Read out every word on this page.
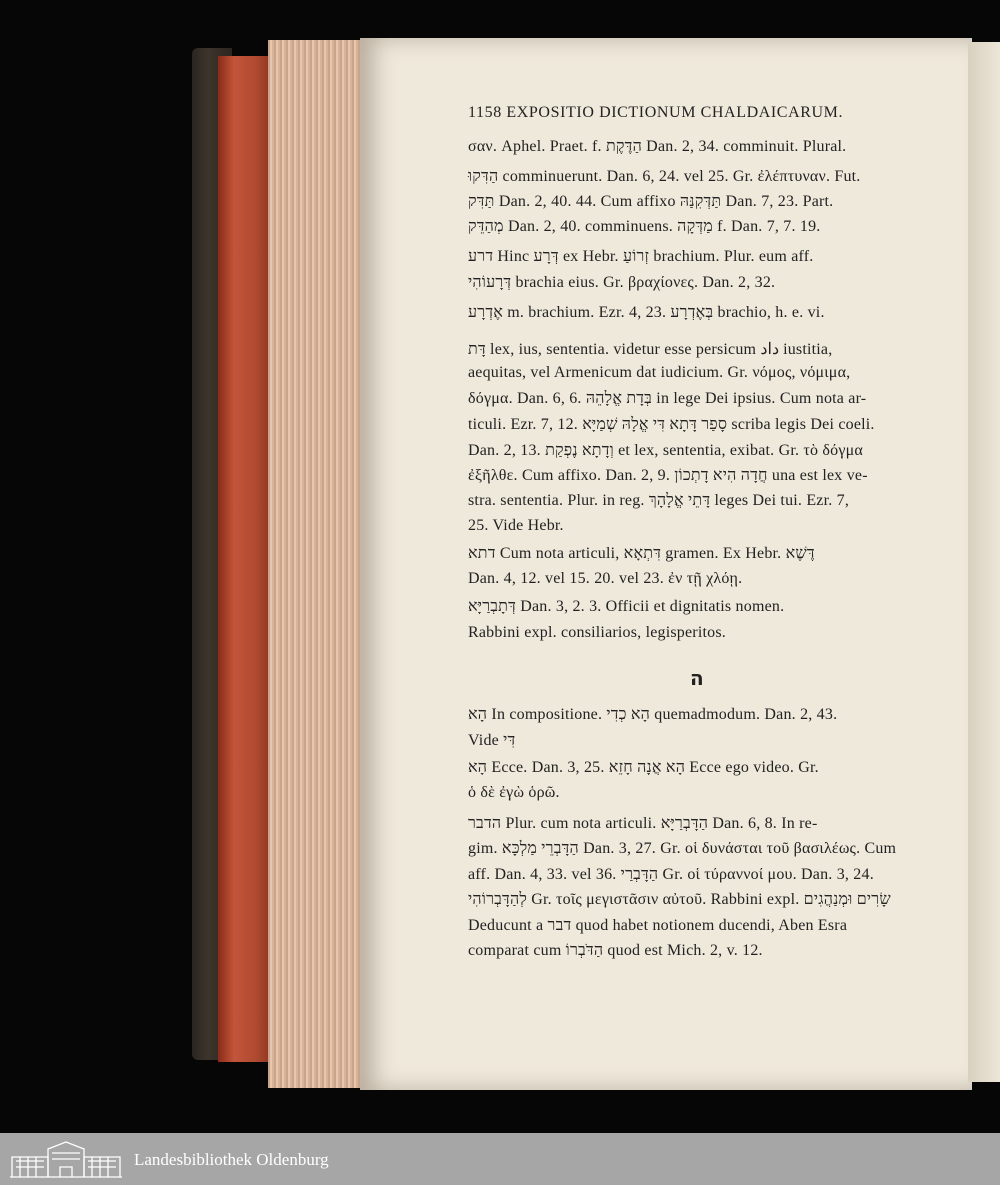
1158 EXPOSITIO DICTIONUM CHALDAICARUM.
σαν. Aphel. Praet. f. הַדֶּקֶת Dan. 2, 34. comminuit. Plural.
הַדִּקוּ comminuerunt. Dan. 6, 24. vel 25. Gr. ἐλέπτυναν. Fut.
תַּדִּק Dan. 2, 40. 44. Cum affixo תַּדְּקִנַּהּ Dan. 7, 23. Part.
מְהַדֵּק Dan. 2, 40. comminuens. מַדְּקָה f. Dan. 7, 7. 19.
דרע Hinc דְּרָע ex Hebr. זְרוֹעַ brachium. Plur. eum aff.
דְּרָעוֹהִי brachia eius. Gr. βραχίονες. Dan. 2, 32.
אֶדְרָע m. brachium. Ezr. 4, 23. בְּאֶדְרָע brachio, h. e. vi.
דָּת lex, ius, sententia. videtur esse persicum داد iustitia,
aequitas, vel Armenicum dat iudicium. Gr. νόμος, νόμιμα,
δόγμα. Dan. 6, 6. בְּדָת אֱלָהֵהּ in lege Dei ipsius. Cum nota ar-
ticuli. Ezr. 7, 12. סָפַר דָּתָא דִּי אֱלָהּ שְׁמַיָּא scriba legis Dei coeli.
Dan. 2, 13. וְדָתָא נֶפְקַת et lex, sententia, exibat. Gr. τὸ δόγμα
ἐξῆλθε. Cum affixo. Dan. 2, 9. חֲדָה הִיא דָתְכוֹן una est lex ve-
stra. sententia. Plur. in reg. דָּתֵי אֱלָהָךְ leges Dei tui. Ezr. 7,
25. Vide Hebr.
דתא Cum nota articuli, דִּתְאָא gramen. Ex Hebr. דֶּשֶׁא
Dan. 4, 12. vel 15. 20. vel 23. ἐν τῇ χλόῃ.
דְּתָבְרַיָּא Dan. 3, 2. 3. Officii et dignitatis nomen.
Rabbini expl. consiliarios, legisperitos.
הָא In compositione. הָא כְדִי quemadmodum. Dan. 2, 43.
Vide דִּי
הָא Ecce. Dan. 3, 25. הָא אֲנָה חָזֵא Ecce ego video. Gr.
ὁ δὲ ἐγὼ ὁρῶ.
הדבר Plur. cum nota articuli. הַדָּבְרַיָּא Dan. 6, 8. In re-
gim. הַדָּבְרֵי מַלְכָּא Dan. 3, 27. Gr. οἱ δυνάσται τοῦ βασιλέως. Cum
aff. Dan. 4, 33. vel 36. הַדָּבְרַי Gr. οἱ τύραννοί μου. Dan. 3, 24.
לְהַדָּבְרוֹהִי Gr. τοῖς μεγιστᾶσιν αὐτοῦ. Rabbini expl. שָׂרִים וּמְנַהֲגִים
Deducunt a דבר quod habet notionem ducendi, Aben Esra
comparat cum הַדֹּבְרוֹ quod est Mich. 2, v. 12.
ה
Landesbibliothek Oldenburg
